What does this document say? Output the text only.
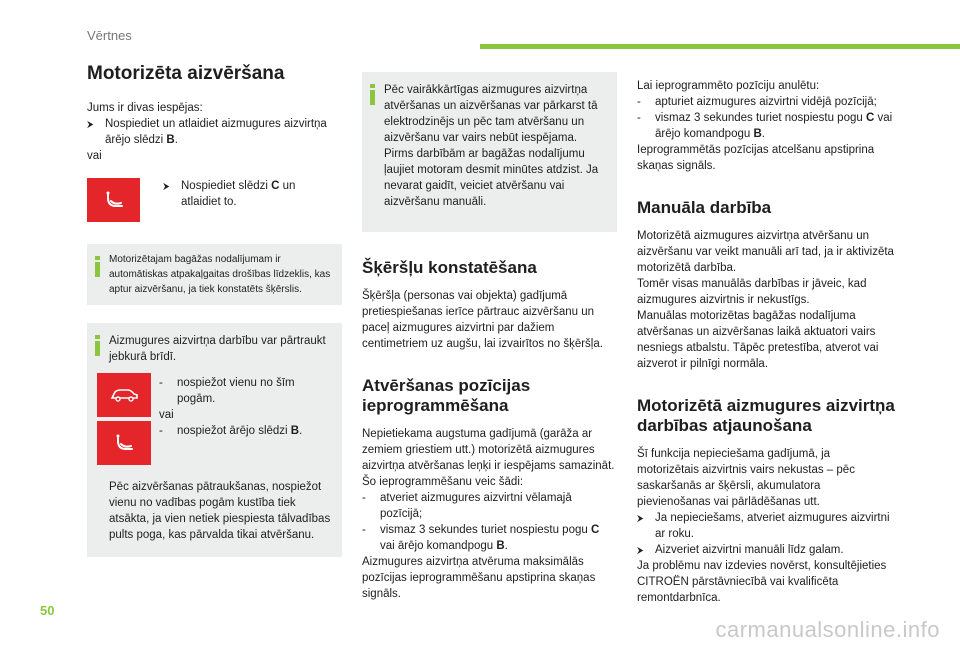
Vērtnes
Motorizēta aizvēršana

Jums ir divas iespējas:

⮞ Nospiediet un atlaidiet aizmugures aizvirtņa ārējo slēdzi B.

vai

⮞ Nospiediet slēdzi C un atlaidiet to.

Motorizētajam bagāžas nodalījumam ir automātiskas atpakaļgaitas drošības līdzeklis, kas aptur aizvēršanu, ja tiek konstatēts šķērslis.

Aizmugures aizvirtņa darbību var pārtraukt jebkurā brīdī.

-	nospiežot vienu no šīm pogām.

vai

-	nospiežot ārējo slēdzi B.

Pēc aizvēršanas pātraukšanas, nospiežot vienu no vadības pogām kustība tiek atsākta, ja vien netiek piespiesta tālvadības pults poga, kas pārvalda tikai atvēršanu.

Pēc vairākkārtīgas aizmugures aizvirtņa atvēršanas un aizvēršanas var pārkarst tā elektrodzinējs un pēc tam atvēršanu un aizvēršanu var vairs nebūt iespējama. Pirms darbībām ar bagāžas nodalījumu ļaujiet motoram desmit minūtes atdzist. Ja nevarat gaidīt, veiciet atvēršanu vai aizvēršanu manuāli.

Šķēršļu konstatēšana

Šķēršļa (personas vai objekta) gadījumā pretiespiešanas ierīce pārtrauc aizvēršanu un paceļ aizmugures aizvirtni par dažiem centimetriem uz augšu, lai izvairītos no šķēršļa.

Atvēršanas pozīcijas ieprogrammēšana

Nepietiekama augstuma gadījumā (garāža ar zemiem griestiem utt.) motorizētā aizmugures aizvirtņa atvēršanas leņķi ir iespējams samazināt.

Šo ieprogrammēšanu veic šādi:

-	atveriet aizmugures aizvirtni vēlamajā pozīcijā;
-	vismaz 3 sekundes turiet nospiestu pogu C vai ārējo komandpogu B.

Aizmugures aizvirtņa atvēruma maksimālās pozīcijas ieprogrammēšanu apstiprina skaņas signāls.

Lai ieprogrammēto pozīciju anulētu:

-	apturiet aizmugures aizvirtni vidējā pozīcijā;
-	vismaz 3 sekundes turiet nospiestu pogu C vai ārējo komandpogu B.

Ieprogrammētās pozīcijas atcelšanu apstiprina skaņas signāls.

Manuāla darbība

Motorizētā aizmugures aizvirtņa atvēršanu un aizvēršanu var veikt manuāli arī tad, ja ir aktivizēta motorizētā darbība.

Tomēr visas manuālās darbības ir jāveic, kad aizmugures aizvirtnis ir nekustīgs.

Manuālas motorizētas bagāžas nodalījuma atvēršanas un aizvēršanas laikā aktuatori vairs nesniegs atbalstu. Tāpēc pretestība, atverot vai aizverot ir pilnīgi normāla.

Motorizētā aizmugures aizvirtņa darbības atjaunošana

Šī funkcija nepieciešama gadījumā, ja motorizētais aizvirtnis vairs nekustas – pēc saskaršanās ar šķērsli, akumulatora pievienošanas vai pārlādēšanas utt.

⮞ Ja nepieciešams, atveriet aizmugures aizvirtni ar roku.
⮞ Aizveriet aizvirtni manuāli līdz galam.

Ja problēmu nav izdevies novērst, konsultējieties CITROËN pārstāvniecībā vai kvalificēta remontdarbnīca.

50
carmanualsonline.info
